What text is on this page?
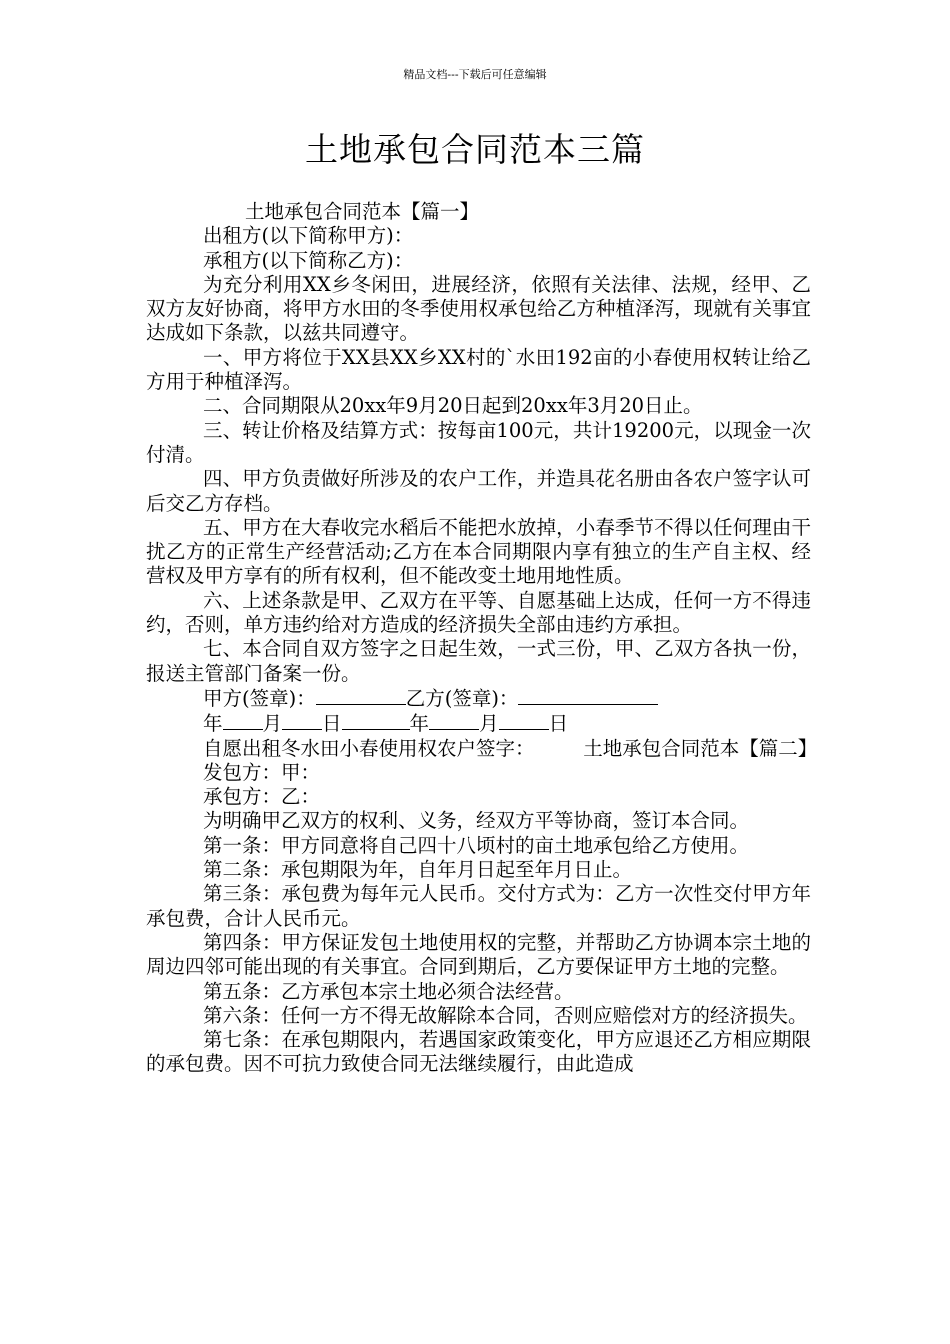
精品文档---下载后可任意编辑
土地承包合同范本三篇

土地承包合同范本【篇一】

出租方(以下简称甲方)：

承租方(以下简称乙方)：

为充分利用XX乡冬闲田，进展经济，依照有关法律、法规，经甲、乙双方友好协商，将甲方水田的冬季使用权承包给乙方种植泽泻，现就有关事宜达成如下条款，以兹共同遵守。

一、甲方将位于XX县XX乡XX村的`水田192亩的小春使用权转让给乙方用于种植泽泻。

二、合同期限从20xx年9月20日起到20xx年3月20日止。

三、转让价格及结算方式：按每亩100元，共计19200元，以现金一次付清。

四、甲方负责做好所涉及的农户工作，并造具花名册由各农户签字认可后交乙方存档。

五、甲方在大春收完水稻后不能把水放掉，小春季节不得以任何理由干扰乙方的正常生产经营活动;乙方在本合同期限内享有独立的生产自主权、经营权及甲方享有的所有权利，但不能改变土地用地性质。

六、上述条款是甲、乙双方在平等、自愿基础上达成，任何一方不得违约，否则，单方违约给对方造成的经济损失全部由违约方承担。

七、本合同自双方签字之日起生效，一式三份，甲、乙双方各执一份，报送主管部门备案一份。

甲方(签章)：	乙方(签章)：

年 月 日	年	月	日

自愿出租冬水田小春使用权农户签字：　　　土地承包合同范本【篇二】

发包方：甲：

承包方：乙：

为明确甲乙双方的权利、义务，经双方平等协商，签订本合同。

第一条：甲方同意将自己四十八顷村的亩土地承包给乙方使用。

第二条：承包期限为年，自年月日起至年月日止。

第三条：承包费为每年元人民币。交付方式为：乙方一次性交付甲方年承包费，合计人民币元。

第四条：甲方保证发包土地使用权的完整，并帮助乙方协调本宗土地的周边四邻可能出现的有关事宜。合同到期后，乙方要保证甲方土地的完整。

第五条：乙方承包本宗土地必须合法经营。

第六条：任何一方不得无故解除本合同，否则应赔偿对方的经济损失。

第七条：在承包期限内，若遇国家政策变化，甲方应退还乙方相应期限的承包费。因不可抗力致使合同无法继续履行，由此造成
